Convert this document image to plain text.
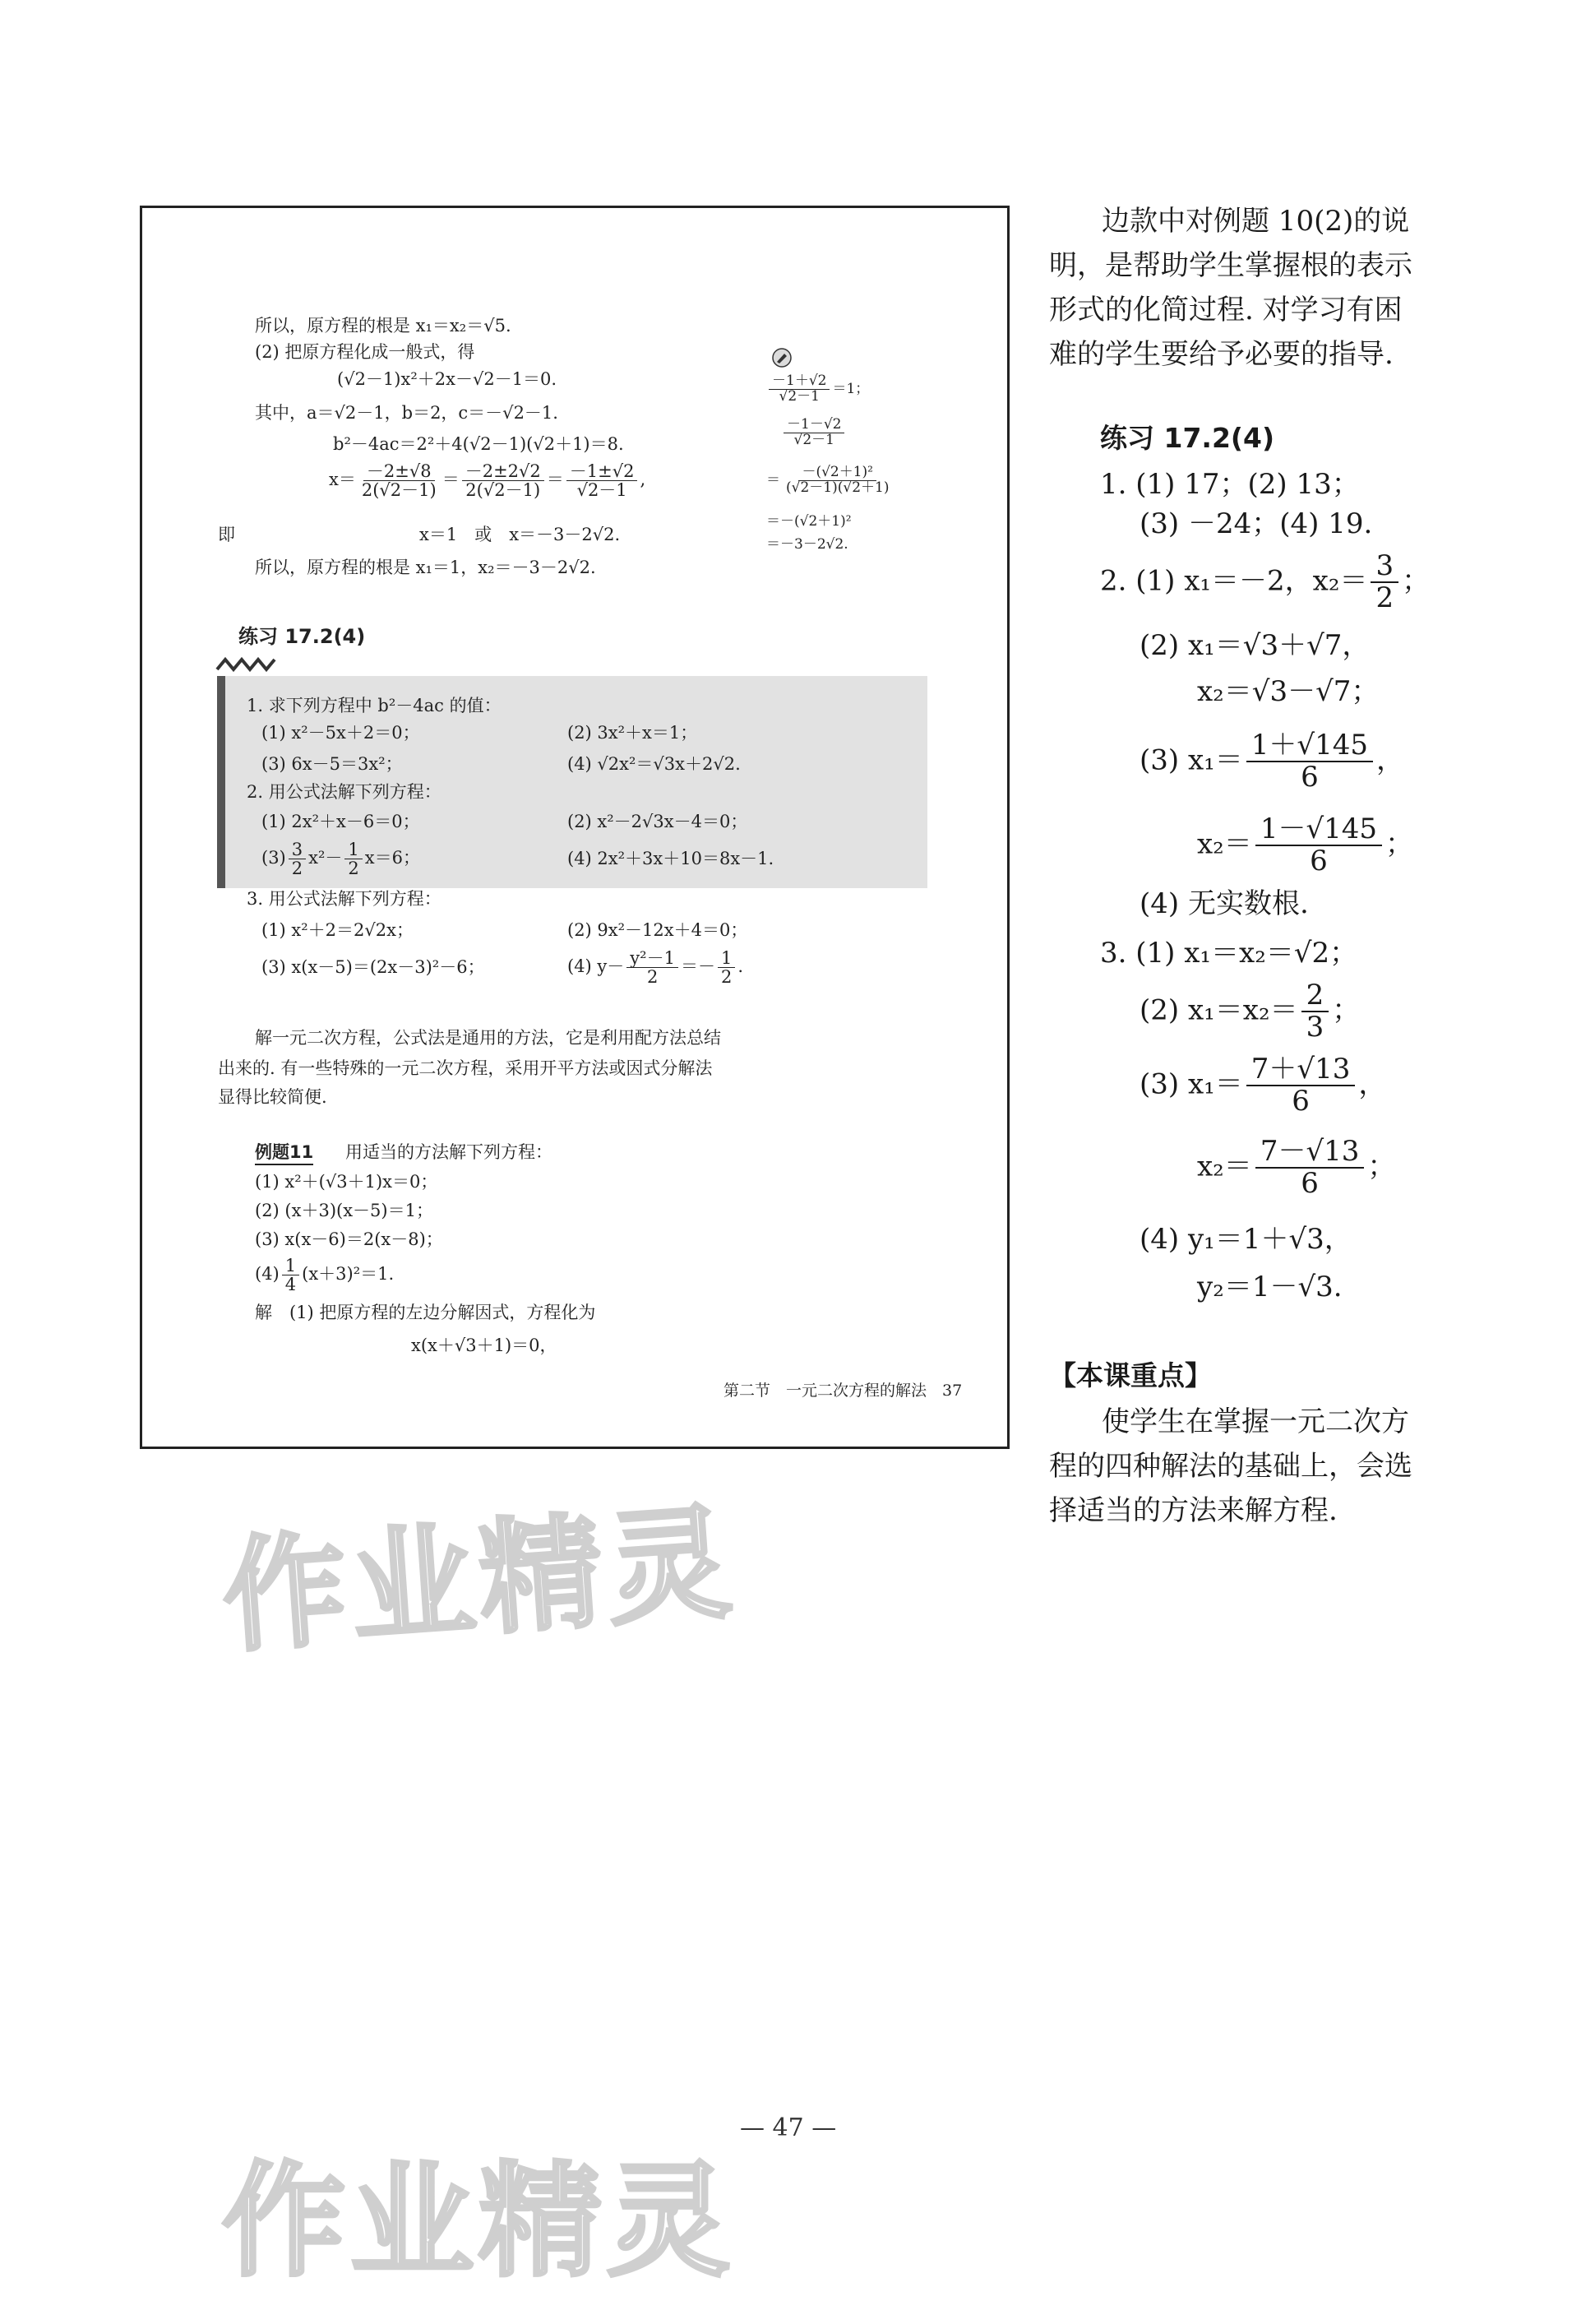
所以，原方程的根是 x₁＝x₂＝√5.
(2) 把原方程化成一般式，得
(√2－1)x²＋2x－√2－1＝0.
其中，a＝√2－1，b＝2，c＝－√2－1.
b²－4ac＝2²＋4(√2－1)(√2＋1)＝8.
$x= \frac{-2\pm√8}{2(√2-1)} = \frac{-2\pm 2√2}{2(√2-1)} = \frac{-1\pm√2}{√2-1}$ ,
即	x＝1　或　x＝－3－2√2.
所以，原方程的根是 x₁＝1，x₂＝－3－2√2.
$\frac{-1+√2}{√2-1} =1$；
$\frac{-1-√2}{√2-1}$
＝ $\frac{\text{－(√2＋1)²}}{(√2-1)(√2+1)}$
＝－(√2＋1)²
＝－3－2√2.
练习 17.2(4)
1. 求下列方程中 b²－4ac 的值：
(1) x²－5x＋2＝0；	(2) 3x²＋x＝1；
(3) 6x－5＝3x²；	(4) √2x²＝√3x＋2√2.
2. 用公式法解下列方程：
(1) 2x²＋x－6＝0；	(2) x²－2√3x－4＝0；
$(3) \frac{3}{2} x^2- \frac{1}{2} x=6$；	(4) 2x²＋3x＋10＝8x－1.
3. 用公式法解下列方程：
(1) x²＋2＝2√2x；	(2) 9x²－12x＋4＝0；
(3) x(x－5)＝(2x－3)²－6；	(4) $y- \frac{\text{y²－1}}{2} =- \frac{1}{2}$ .
解一元二次方程，公式法是通用的方法，它是利用配方法总结
出来的. 有一些特殊的一元二次方程，采用开平方法或因式分解法
显得比较简便.
例题11 用适当的方法解下列方程：
(1) x²＋(√3＋1)x＝0；
(2) (x＋3)(x－5)＝1；
(3) x(x－6)＝2(x－8)；
$(4) \frac{1}{4} (x+3)^2=1$.
解　(1) 把原方程的左边分解因式，方程化为
x(x＋√3＋1)＝0，
第二节　一元二次方程的解法　37
边款中对例题 10(2)的说
明，是帮助学生掌握根的表示
形式的化简过程. 对学习有困
难的学生要给予必要的指导.
练习 17.2(4)
1. (1) 17；(2) 13；
(3) －24；(4) 19.
2. (1) x₁＝－2，$x_2= \frac{3}{2}$ ；
(2) x₁＝√3＋√7，
x₂＝√3－√7；
(3) $x_1= \frac{1+√145}{6}$ ，
$x_2= \frac{1-√145}{6}$ ；
(4) 无实数根.
3. (1) x₁＝x₂＝√2；
(2) $x_1=x_2= \frac{2}{3}$ ；
(3) $x_1= \frac{7+√13}{6}$ ，
$x_2= \frac{7-√13}{6}$ ；
(4) y₁＝1＋√3，
y₂＝1－√3.
【本课重点】
使学生在掌握一元二次方
程的四种解法的基础上，会选
择适当的方法来解方程.
作业精灵
作业精灵
— 47 —
